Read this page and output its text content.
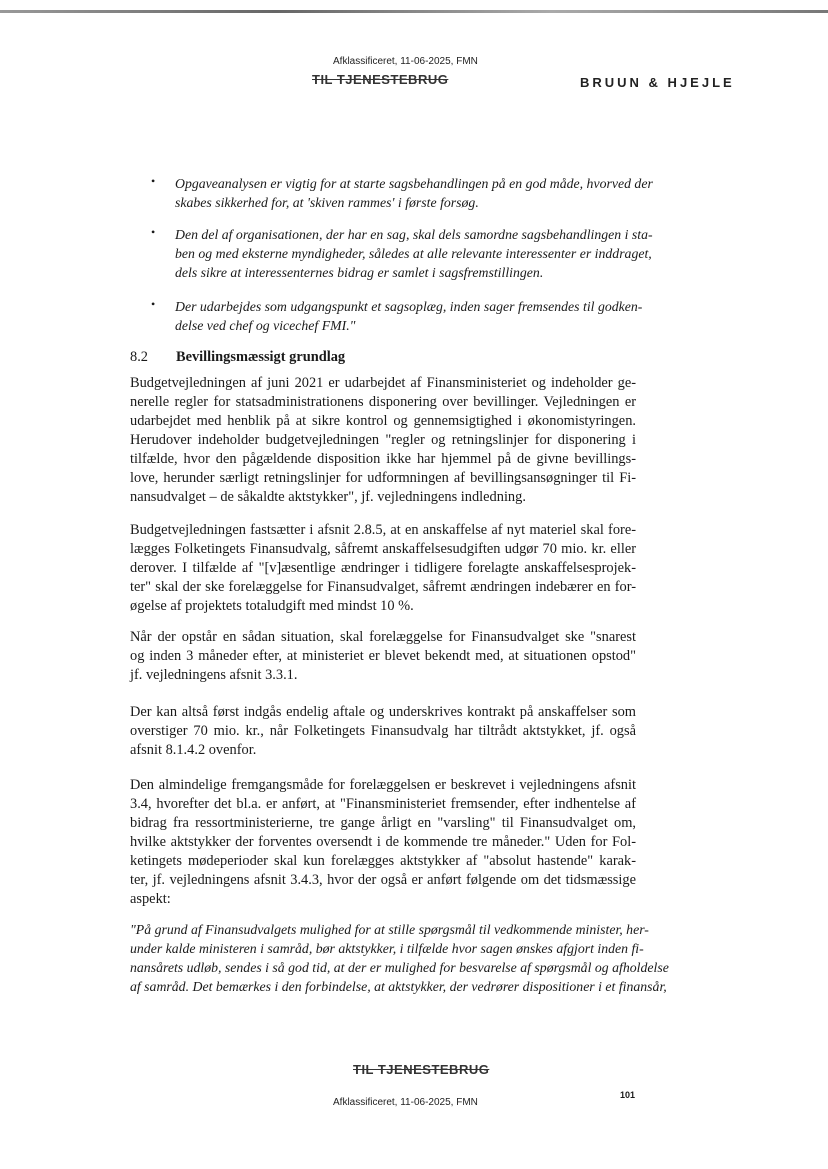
Afklassificeret, 11-06-2025, FMN
TIL TJENESTEBRUG	BRUUN & HJEJLE
• Opgaveanalysen er vigtig for at starte sagsbehandlingen på en god måde, hvorved der
skabes sikkerhed for, at 'skiven rammes' i første forsøg.
• Den del af organisationen, der har en sag, skal dels samordne sagsbehandlingen i sta-
ben og med eksterne myndigheder, således at alle relevante interessenter er inddraget,
dels sikre at interessenternes bidrag er samlet i sagsfremstillingen.
• Der udarbejdes som udgangspunkt et sagsoplæg, inden sager fremsendes til godken-
delse ved chef og vicechef FMI."
8.2 Bevillingsmæssigt grundlag
Budgetvejledningen af juni 2021 er udarbejdet af Finansministeriet og indeholder ge-
nerelle regler for statsadministrationens disponering over bevillinger. Vejledningen er
udarbejdet med henblik på at sikre kontrol og gennemsigtighed i økonomistyringen.
Herudover indeholder budgetvejledningen "regler og retningslinjer for disponering i
tilfælde, hvor den pågældende disposition ikke har hjemmel på de givne bevillings-
love, herunder særligt retningslinjer for udformningen af bevillingsansøgninger til Fi-
nansudvalget – de såkaldte aktstykker", jf. vejledningens indledning.
Budgetvejledningen fastsætter i afsnit 2.8.5, at en anskaffelse af nyt materiel skal fore-
lægges Folketingets Finansudvalg, såfremt anskaffelsesudgiften udgør 70 mio. kr. eller
derover. I tilfælde af "[v]æsentlige ændringer i tidligere forelagte anskaffelsesprojek-
ter" skal der ske forelæggelse for Finansudvalget, såfremt ændringen indebærer en for-
øgelse af projektets totaludgift med mindst 10 %.
Når der opstår en sådan situation, skal forelæggelse for Finansudvalget ske "snarest
og inden 3 måneder efter, at ministeriet er blevet bekendt med, at situationen opstod"
jf. vejledningens afsnit 3.3.1.
Der kan altså først indgås endelig aftale og underskrives kontrakt på anskaffelser som
overstiger 70 mio. kr., når Folketingets Finansudvalg har tiltrådt aktstykket, jf. også
afsnit 8.1.4.2 ovenfor.
Den almindelige fremgangsmåde for forelæggelsen er beskrevet i vejledningens afsnit
3.4, hvorefter det bl.a. er anført, at "Finansministeriet fremsender, efter indhentelse af
bidrag fra ressortministerierne, tre gange årligt en "varsling" til Finansudvalget om,
hvilke aktstykker der forventes oversendt i de kommende tre måneder." Uden for Fol-
ketingets mødeperioder skal kun forelægges aktstykker af "absolut hastende" karak-
ter, jf. vejledningens afsnit 3.4.3, hvor der også er anført følgende om det tidsmæssige
aspekt:
"På grund af Finansudvalgets mulighed for at stille spørgsmål til vedkommende minister, her-
under kalde ministeren i samråd, bør aktstykker, i tilfælde hvor sagen ønskes afgjort inden fi-
nansårets udløb, sendes i så god tid, at der er mulighed for besvarelse af spørgsmål og afholdelse
af samråd. Det bemærkes i den forbindelse, at aktstykker, der vedrører dispositioner i et finansår,
TIL TJENESTEBRUG
101
Afklassificeret, 11-06-2025, FMN
